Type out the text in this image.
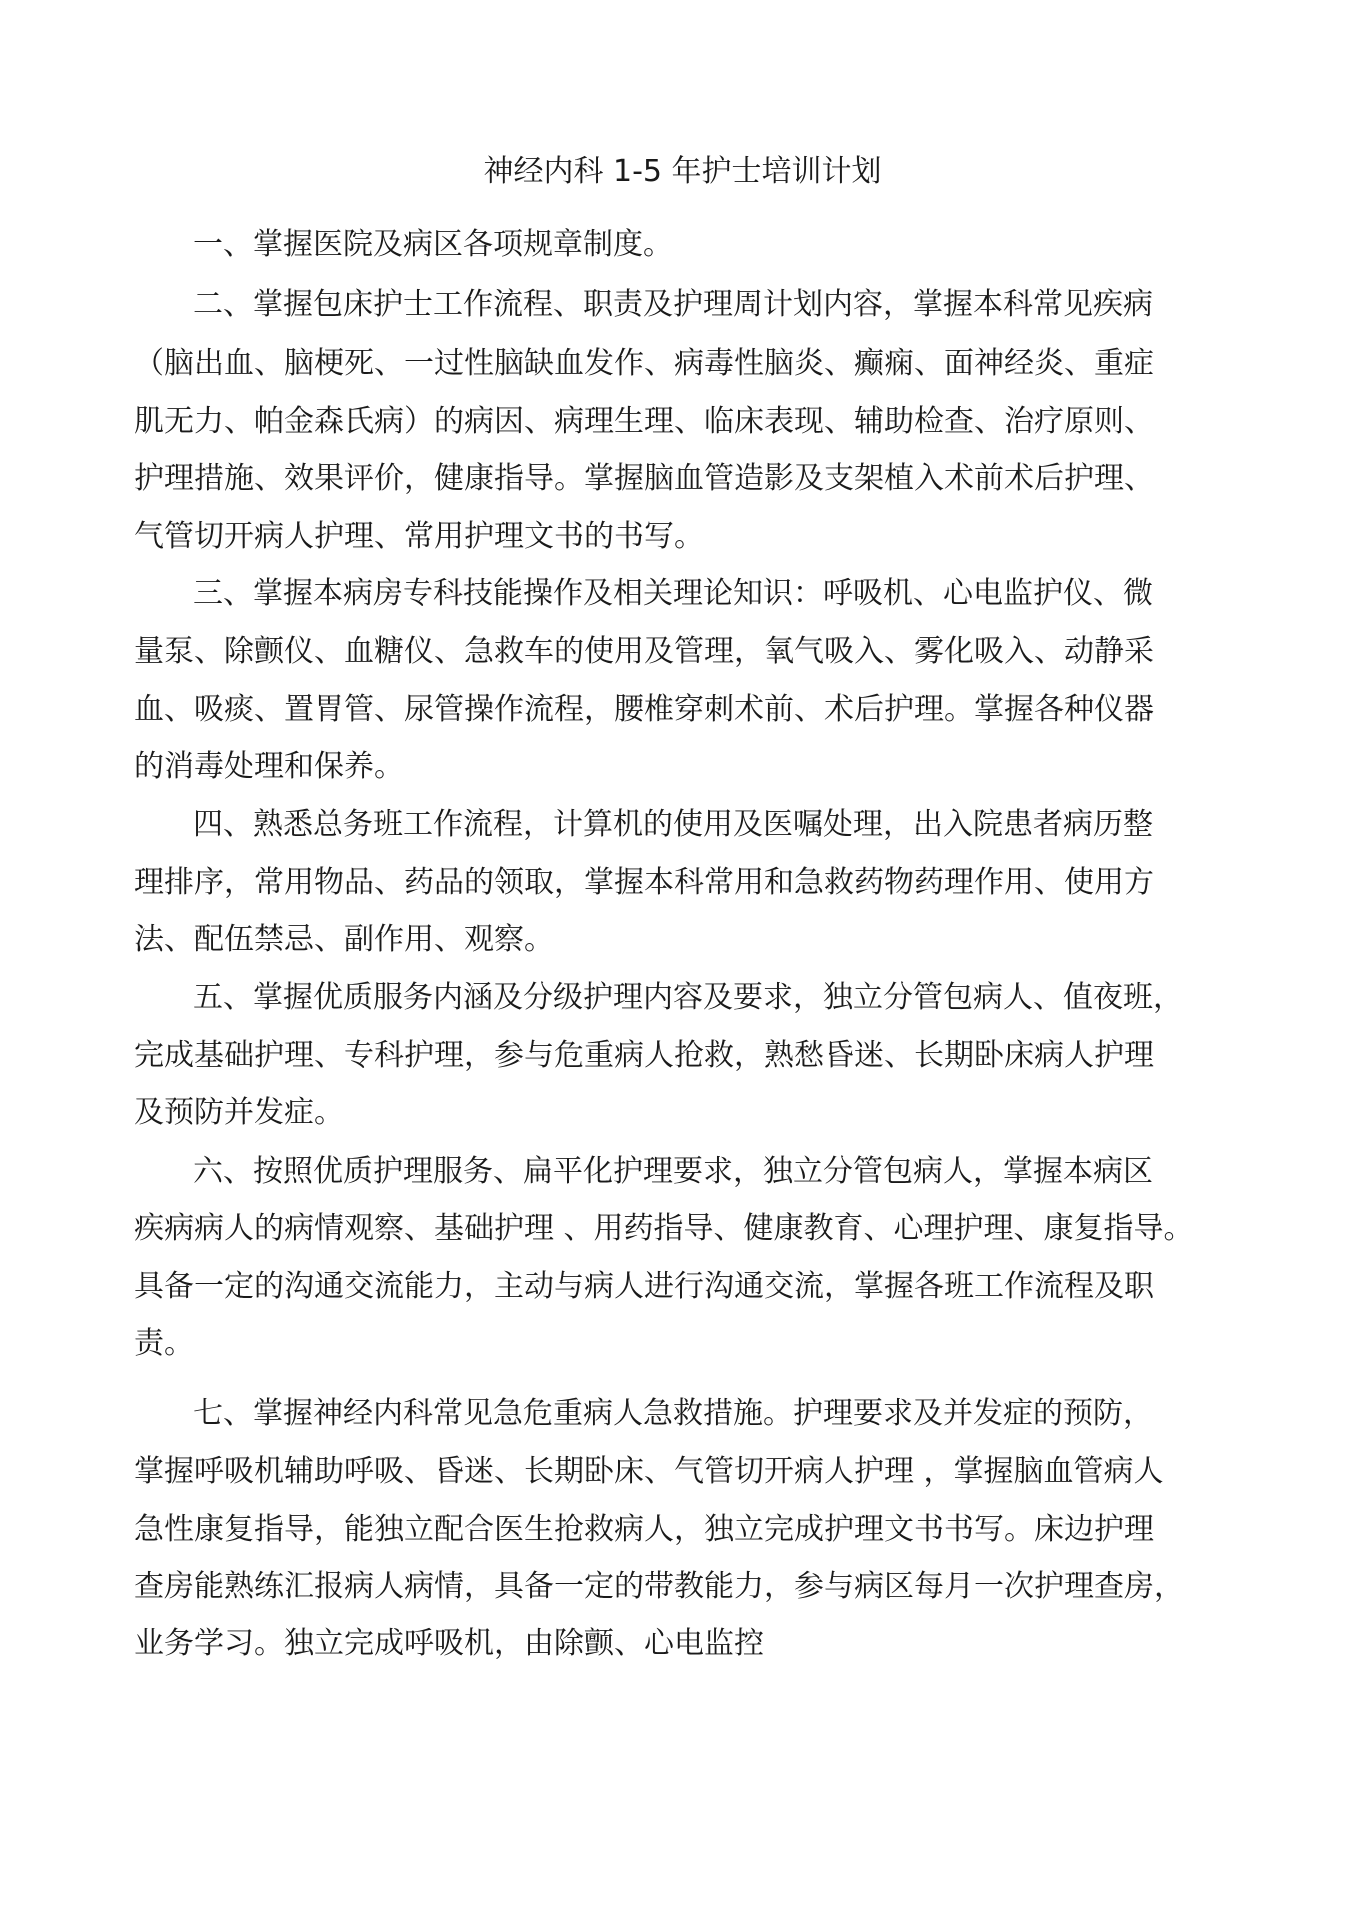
神经内科 1-5 年护士培训计划

一、掌握医院及病区各项规章制度。

二、掌握包床护士工作流程、职责及护理周计划内容，掌握本科常见疾病

（脑出血、脑梗死、一过性脑缺血发作、病毒性脑炎、癫痫、面神经炎、重症

肌无力、帕金森氏病）的病因、病理生理、临床表现、辅助检查、治疗原则、

护理措施、效果评价，健康指导。掌握脑血管造影及支架植入术前术后护理、

气管切开病人护理、常用护理文书的书写。

三、掌握本病房专科技能操作及相关理论知识：呼吸机、心电监护仪、微

量泵、除颤仪、血糖仪、急救车的使用及管理，氧气吸入、雾化吸入、动静采

血、吸痰、置胃管、尿管操作流程，腰椎穿刺术前、术后护理。掌握各种仪器

的消毒处理和保养。

四、熟悉总务班工作流程，计算机的使用及医嘱处理，出入院患者病历整

理排序，常用物品、药品的领取，掌握本科常用和急救药物药理作用、使用方

法、配伍禁忌、副作用、观察。

五、掌握优质服务内涵及分级护理内容及要求，独立分管包病人、值夜班，

完成基础护理、专科护理，参与危重病人抢救，熟愁昏迷、长期卧床病人护理

及预防并发症。

六、按照优质护理服务、扁平化护理要求，独立分管包病人，掌握本病区

疾病病人的病情观察、基础护理 、用药指导、健康教育、心理护理、康复指导。

具备一定的沟通交流能力，主动与病人进行沟通交流，掌握各班工作流程及职

责。

七、掌握神经内科常见急危重病人急救措施。护理要求及并发症的预防，

掌握呼吸机辅助呼吸、昏迷、长期卧床、气管切开病人护理 ，掌握脑血管病人

急性康复指导，能独立配合医生抢救病人，独立完成护理文书书写。床边护理

查房能熟练汇报病人病情，具备一定的带教能力，参与病区每月一次护理查房，

业务学习。独立完成呼吸机，由除颤、心电监控
